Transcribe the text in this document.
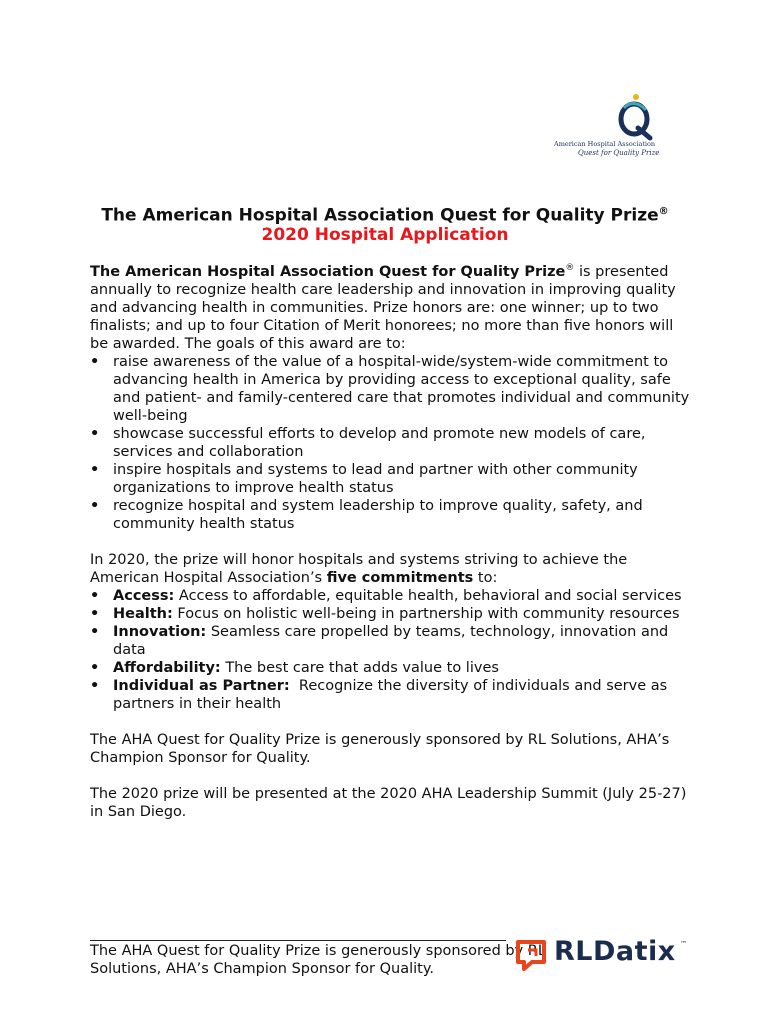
American Hospital Association
Quest for Quality Prize
The American Hospital Association Quest for Quality Prize®
2020 Hospital Application

The American Hospital Association Quest for Quality Prize® is presented annually to recognize health care leadership and innovation in improving quality and advancing health in communities. Prize honors are: one winner; up to two finalists; and up to four Citation of Merit honorees; no more than five honors will be awarded. The goals of this award are to:

• raise awareness of the value of a hospital-wide/system-wide commitment to advancing health in America by providing access to exceptional quality, safe and patient- and family-centered care that promotes individual and community well-being
• showcase successful efforts to develop and promote new models of care, services and collaboration
• inspire hospitals and systems to lead and partner with other community organizations to improve health status
• recognize hospital and system leadership to improve quality, safety, and community health status

In 2020, the prize will honor hospitals and systems striving to achieve the American Hospital Association’s five commitments to:

• Access: Access to affordable, equitable health, behavioral and social services
• Health: Focus on holistic well-being in partnership with community resources
• Innovation: Seamless care propelled by teams, technology, innovation and data
• Affordability: The best care that adds value to lives
• Individual as Partner:  Recognize the diversity of individuals and serve as partners in their health

The AHA Quest for Quality Prize is generously sponsored by RL Solutions, AHA’s Champion Sponsor for Quality.

The 2020 prize will be presented at the 2020 AHA Leadership Summit (July 25-27) in San Diego.

The AHA Quest for Quality Prize is generously sponsored by RL Solutions, AHA’s Champion Sponsor for Quality.
RLDatix ™
